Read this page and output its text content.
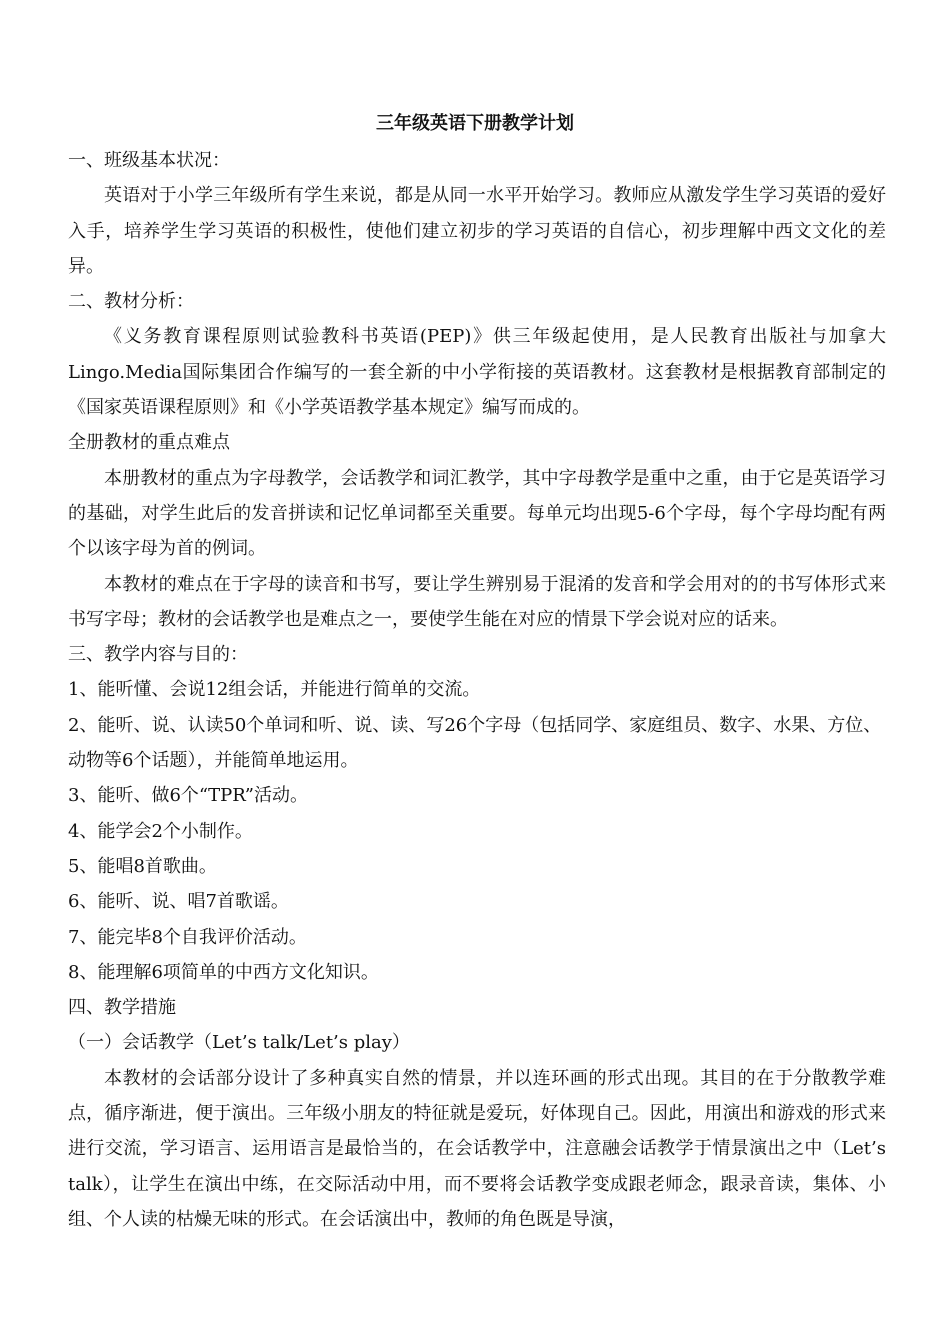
三年级英语下册教学计划

一、班级基本状况：

英语对于小学三年级所有学生来说，都是从同一水平开始学习。教师应从激发学生学习英语的爱好入手，培养学生学习英语的积极性，使他们建立初步的学习英语的自信心，初步理解中西文文化的差异。

二、教材分析：

《义务教育课程原则试验教科书英语(PEP)》供三年级起使用，是人民教育出版社与加拿大Lingo.Media国际集团合作编写的一套全新的中小学衔接的英语教材。这套教材是根据教育部制定的《国家英语课程原则》和《小学英语教学基本规定》编写而成的。

全册教材的重点难点

本册教材的重点为字母教学，会话教学和词汇教学，其中字母教学是重中之重，由于它是英语学习的基础，对学生此后的发音拼读和记忆单词都至关重要。每单元均出现5-6个字母，每个字母均配有两个以该字母为首的例词。

本教材的难点在于字母的读音和书写，要让学生辨别易于混淆的发音和学会用对的的书写体形式来书写字母；教材的会话教学也是难点之一，要使学生能在对应的情景下学会说对应的话来。

三、教学内容与目的：

1、能听懂、会说12组会话，并能进行简单的交流。

2、能听、说、认读50个单词和听、说、读、写26个字母（包括同学、家庭组员、数字、水果、方位、动物等6个话题），并能简单地运用。

3、能听、做6个“TPR”活动。

4、能学会2个小制作。

5、能唱8首歌曲。

6、能听、说、唱7首歌谣。

7、能完毕8个自我评价活动。

8、能理解6项简单的中西方文化知识。

四、教学措施

（一）会话教学（Let’s talk/Let’s play）

本教材的会话部分设计了多种真实自然的情景，并以连环画的形式出现。其目的在于分散教学难点，循序渐进，便于演出。三年级小朋友的特征就是爱玩，好体现自己。因此，用演出和游戏的形式来进行交流，学习语言、运用语言是最恰当的，在会话教学中，注意融会话教学于情景演出之中（Let’s talk），让学生在演出中练，在交际活动中用，而不要将会话教学变成跟老师念，跟录音读，集体、小组、个人读的枯燥无味的形式。在会话演出中，教师的角色既是导演，
